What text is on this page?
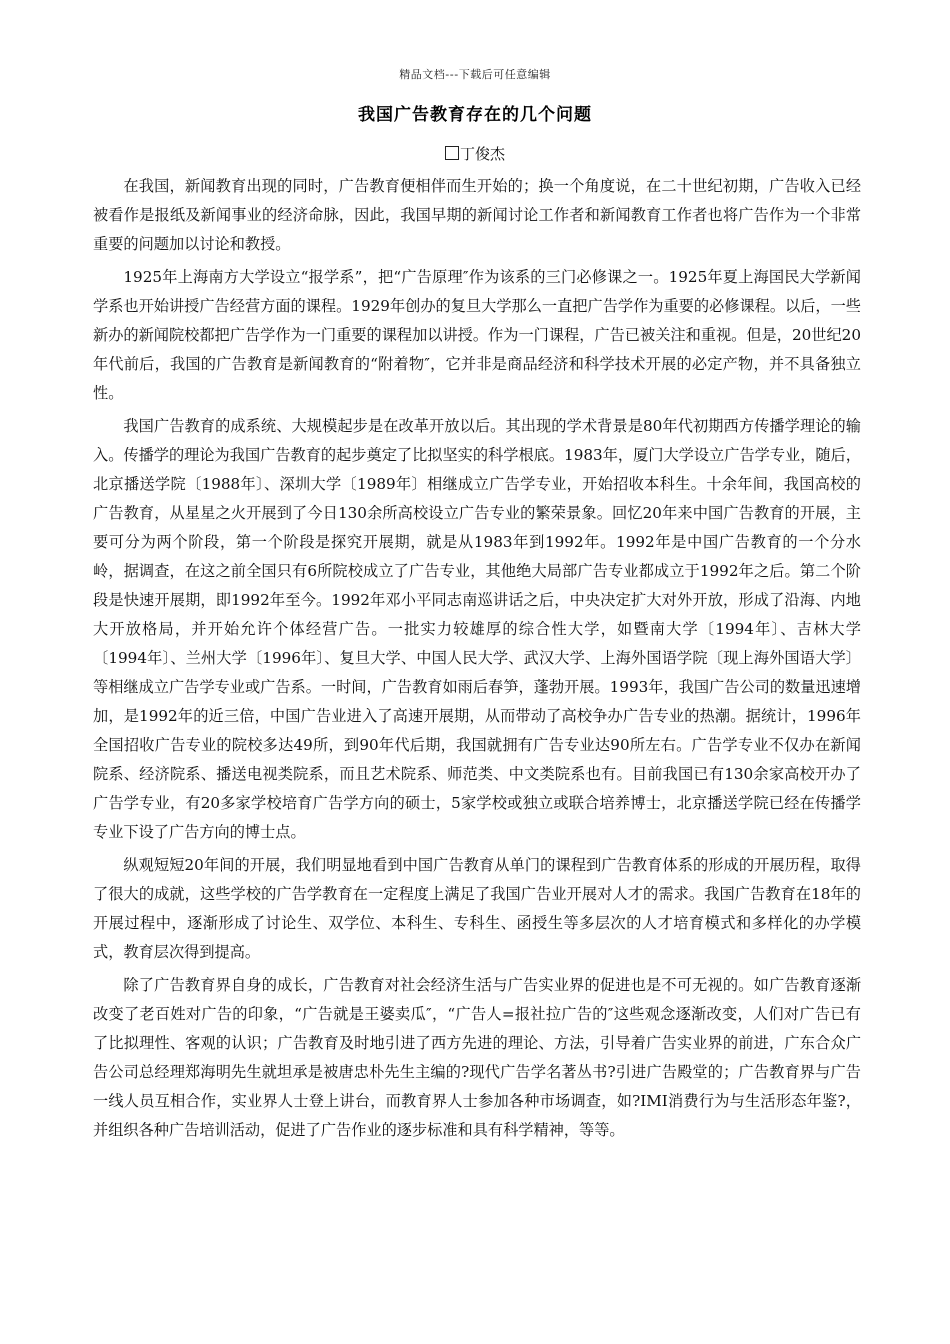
精品文档---下载后可任意编辑
我国广告教育存在的几个问题
丁俊杰

在我国，新闻教育出现的同时，广告教育便相伴而生开始的；换一个角度说，在二十世纪初期，广告收入已经被看作是报纸及新闻事业的经济命脉，因此，我国早期的新闻讨论工作者和新闻教育工作者也将广告作为一个非常重要的问题加以讨论和教授。

1925年上海南方大学设立“报学系”，把“广告原理″作为该系的三门必修课之一。1925年夏上海国民大学新闻学系也开始讲授广告经营方面的课程。1929年创办的复旦大学那么一直把广告学作为重要的必修课程。以后，一些新办的新闻院校都把广告学作为一门重要的课程加以讲授。作为一门课程，广告已被关注和重视。但是，20世纪20年代前后，我国的广告教育是新闻教育的“附着物″，它并非是商品经济和科学技术开展的必定产物，并不具备独立性。

我国广告教育的成系统、大规模起步是在改革开放以后。其出现的学术背景是80年代初期西方传播学理论的输入。传播学的理论为我国广告教育的起步奠定了比拟坚实的科学根底。1983年，厦门大学设立广告学专业，随后，北京播送学院〔1988年〕、深圳大学〔1989年〕相继成立广告学专业，开始招收本科生。十余年间，我国高校的广告教育，从星星之火开展到了今日130余所高校设立广告专业的繁荣景象。回忆20年来中国广告教育的开展，主要可分为两个阶段，第一个阶段是探究开展期，就是从1983年到1992年。1992年是中国广告教育的一个分水岭，据调查，在这之前全国只有6所院校成立了广告专业，其他绝大局部广告专业都成立于1992年之后。第二个阶段是快速开展期，即1992年至今。1992年邓小平同志南巡讲话之后，中央决定扩大对外开放，形成了沿海、内地大开放格局，并开始允许个体经营广告。一批实力较雄厚的综合性大学，如暨南大学〔1994年〕、吉林大学〔1994年〕、兰州大学〔1996年〕、复旦大学、中国人民大学、武汉大学、上海外国语学院〔现上海外国语大学〕等相继成立广告学专业或广告系。一时间，广告教育如雨后春笋，蓬勃开展。1993年，我国广告公司的数量迅速增加，是1992年的近三倍，中国广告业进入了高速开展期，从而带动了高校争办广告专业的热潮。据统计，1996年全国招收广告专业的院校多达49所，到90年代后期，我国就拥有广告专业达90所左右。广告学专业不仅办在新闻院系、经济院系、播送电视类院系，而且艺术院系、师范类、中文类院系也有。目前我国已有130余家高校开办了广告学专业，有20多家学校培育广告学方向的硕士，5家学校或独立或联合培养博士，北京播送学院已经在传播学专业下设了广告方向的博士点。

纵观短短20年间的开展，我们明显地看到中国广告教育从单门的课程到广告教育体系的形成的开展历程，取得了很大的成就，这些学校的广告学教育在一定程度上满足了我国广告业开展对人才的需求。我国广告教育在18年的开展过程中，逐渐形成了讨论生、双学位、本科生、专科生、函授生等多层次的人才培育模式和多样化的办学模式，教育层次得到提高。

除了广告教育界自身的成长，广告教育对社会经济生活与广告实业界的促进也是不可无视的。如广告教育逐渐改变了老百姓对广告的印象，“广告就是王婆卖瓜″，“广告人=报社拉广告的″这些观念逐渐改变，人们对广告已有了比拟理性、客观的认识；广告教育及时地引进了西方先进的理论、方法，引导着广告实业界的前进，广东合众广告公司总经理郑海明先生就坦承是被唐忠朴先生主编的?现代广告学名著丛书?引进广告殿堂的；广告教育界与广告一线人员互相合作，实业界人士登上讲台，而教育界人士参加各种市场调查，如?IMI消费行为与生活形态年鉴?，并组织各种广告培训活动，促进了广告作业的逐步标准和具有科学精神，等等。
